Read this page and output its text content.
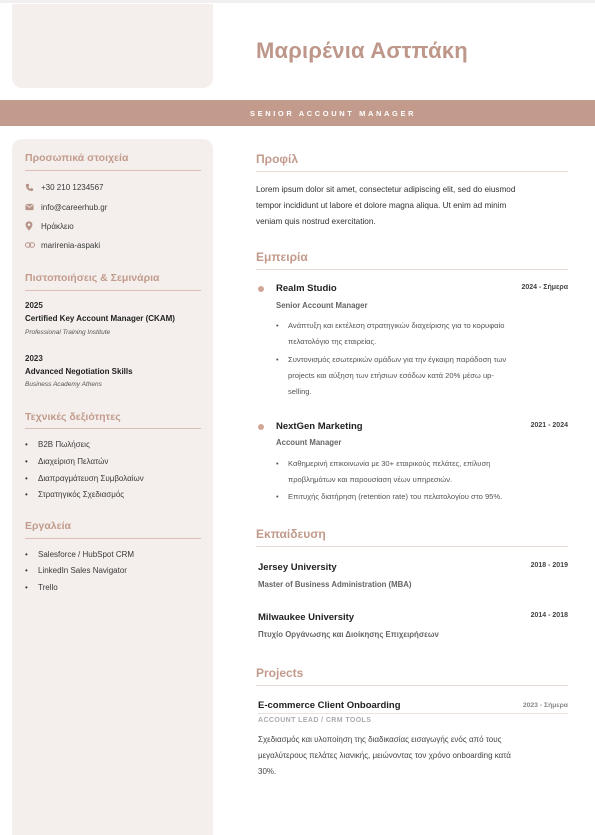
Μαριρένια Αστπάκη
SENIOR ACCOUNT MANAGER
Προσωπικά στοιχεία
+30 210 1234567
info@careerhub.gr
Ηράκλειο
marirenia-aspaki
Πιστοποιήσεις & Σεμινάρια
2025
Certified Key Account Manager (CKAM)
Professional Training Institute
2023
Advanced Negotiation Skills
Business Academy Athens
Τεχνικές δεξιότητες
•	B2B Πωλήσεις
•	Διαχείριση Πελατών
•	Διαπραγμάτευση Συμβολαίων
•	Στρατηγικός Σχεδιασμός
Εργαλεία
•	Salesforce / HubSpot CRM
•	LinkedIn Sales Navigator
•	Trello
Προφίλ
Lorem ipsum dolor sit amet, consectetur adipiscing elit, sed do eiusmod
tempor incididunt ut labore et dolore magna aliqua. Ut enim ad minim
veniam quis nostrud exercitation.
Εμπειρία
Realm Studio	2024 - Σήμερα
Senior Account Manager
•	Ανάπτυξη και εκτέλεση στρατηγικών διαχείρισης για το κορυφαίο
πελατολόγιο της εταιρείας.
•	Συντονισμός εσωτερικών ομάδων για την έγκαιρη παράδοση των
projects και αύξηση των ετήσιων εσόδων κατά 20% μέσω up-
selling.
NextGen Marketing	2021 - 2024
Account Manager
•	Καθημερινή επικοινωνία με 30+ εταιρικούς πελάτες, επίλυση
προβλημάτων και παρουσίαση νέων υπηρεσιών.
•	Επιτυχής διατήρηση (retention rate) του πελατολογίου στο 95%.
Εκπαίδευση
Jersey University	2018 - 2019
Master of Business Administration (MBA)
Milwaukee University	2014 - 2018
Πτυχίο Οργάνωσης και Διοίκησης Επιχειρήσεων
Projects
E-commerce Client Onboarding	2023 - Σήμερα
ACCOUNT LEAD / CRM TOOLS
Σχεδιασμός και υλοποίηση της διαδικασίας εισαγωγής ενός από τους
μεγαλύτερους πελάτες λιανικής, μειώνοντας τον χρόνο onboarding κατά
30%.
